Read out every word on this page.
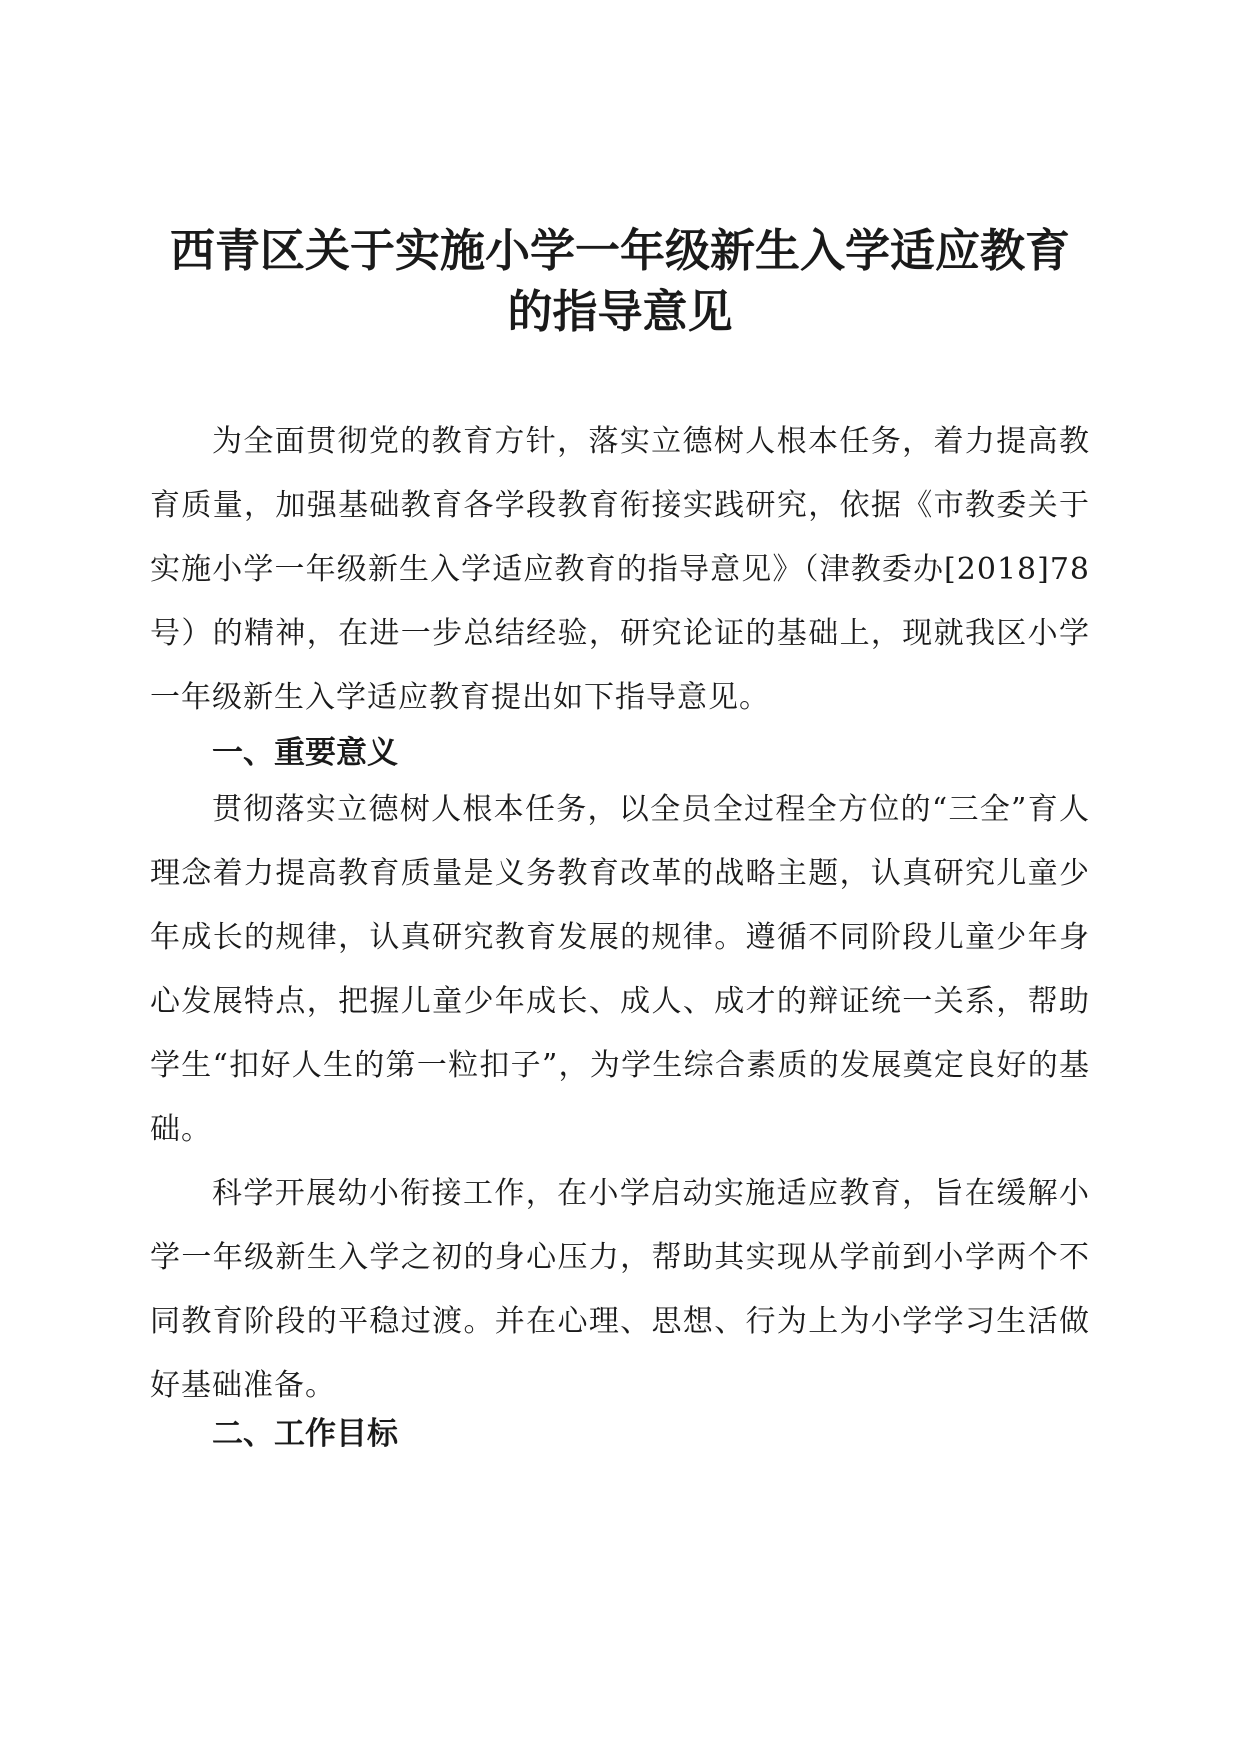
西青区关于实施小学一年级新生入学适应教育
的指导意见

为全面贯彻党的教育方针，落实立德树人根本任务，着力提高教育质量，加强基础教育各学段教育衔接实践研究，依据《市教委关于实施小学一年级新生入学适应教育的指导意见》（津教委办[2018]78号）的精神，在进一步总结经验，研究论证的基础上，现就我区小学一年级新生入学适应教育提出如下指导意见。

一、重要意义

贯彻落实立德树人根本任务，以全员全过程全方位的“三全”育人理念着力提高教育质量是义务教育改革的战略主题，认真研究儿童少年成长的规律，认真研究教育发展的规律。遵循不同阶段儿童少年身心发展特点，把握儿童少年成长、成人、成才的辩证统一关系，帮助学生“扣好人生的第一粒扣子”，为学生综合素质的发展奠定良好的基础。

科学开展幼小衔接工作，在小学启动实施适应教育，旨在缓解小学一年级新生入学之初的身心压力，帮助其实现从学前到小学两个不同教育阶段的平稳过渡。并在心理、思想、行为上为小学学习生活做好基础准备。

二、工作目标
